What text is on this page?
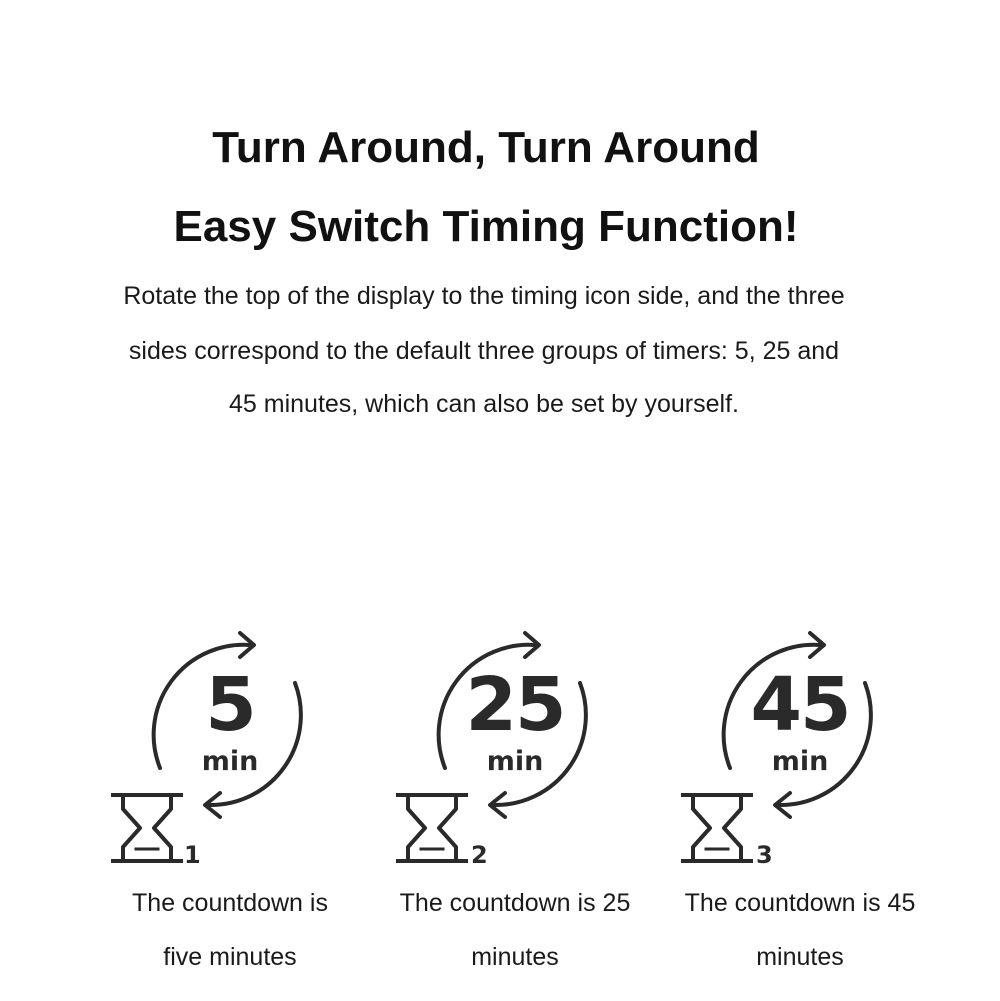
Turn Around, Turn Around
Easy Switch Timing Function!
Rotate the top of the display to the timing icon side, and the three
sides correspond to the default three groups of timers: 5, 25 and
45 minutes, which can also be set by yourself.
5
min
1
The countdown is
five minutes
25
min
2
The countdown is 25
minutes
45
min
3
The countdown is 45
minutes
